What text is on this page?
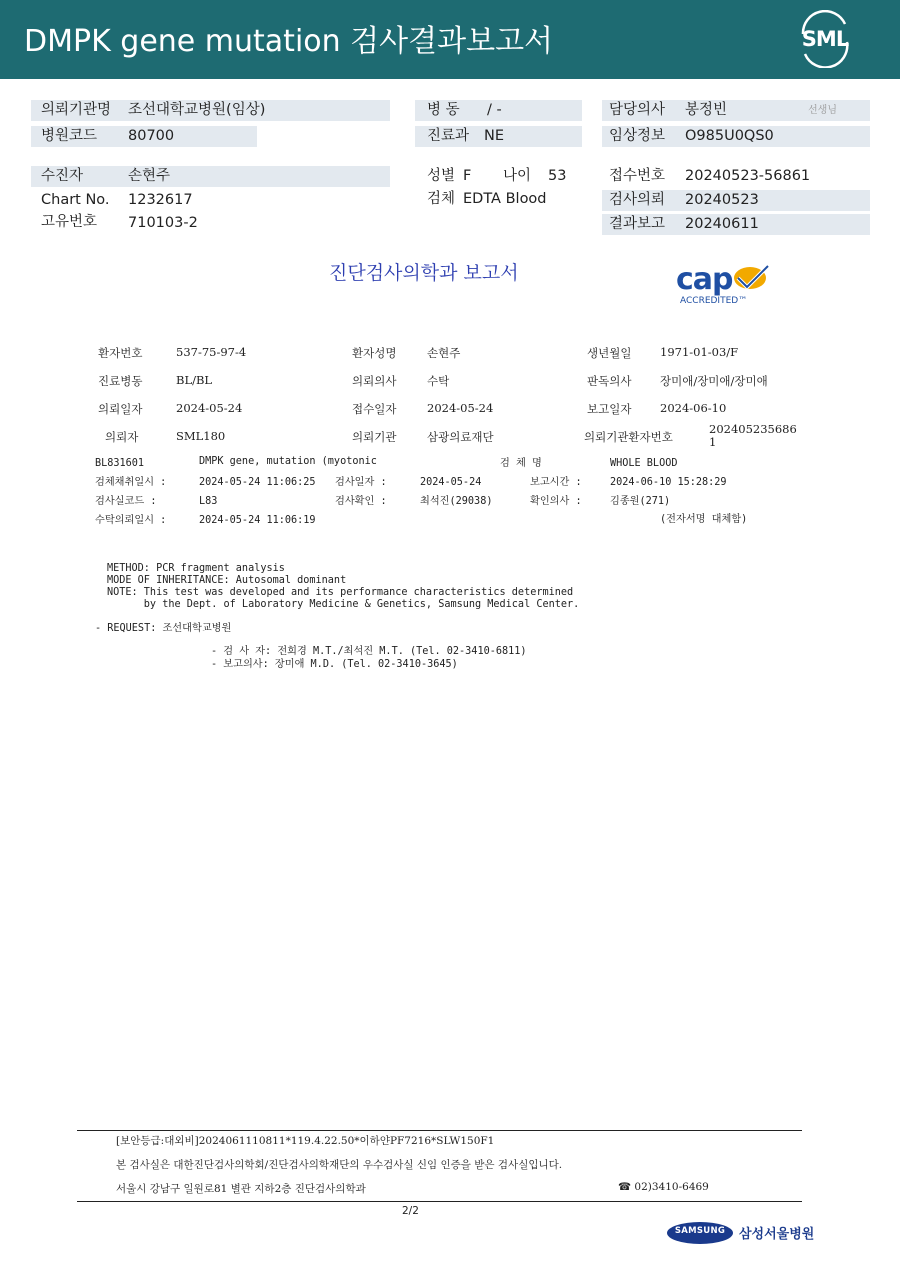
DMPK gene mutation 검사결과보고서	SML
의뢰기관명 조선대학교병원(임상)	병 동 / -	담당의사 봉정빈	선생님
병원코드 80700	진료과 NE	임상정보 O985U0QS0
수진자	손현주	성별 F 나이 53	접수번호 20240523-56861
Chart No. 1232617	검체 EDTA Blood	검사의뢰 20240523
고유번호 710103-2	결과보고 20240611
진단검사의학과 보고서	cap
ACCREDITED™
환자번호	537-75-97-4	환자성명	손현주	생년월일 1971-01-03/F
진료병동	BL/BL	의뢰의사	수탁	판독의사 장미애/장미애/장미애
의뢰일자	2024-05-24	접수일자	2024-05-24	보고일자 2024-06-10
의뢰자	SML180	의뢰기관	삼광의료재단	의뢰기관환자번호
202405235686
1
BL831601	DMPK gene, mutation (myotonic	검 체 명	WHOLE BLOOD
검체채취일시 :	2024-05-24 11:06:25 검사일자 :	2024-05-24	보고시간 :	2024-06-10 15:28:29
검사실코드 :	L83	검사확인 :	최석진(29038)	확인의사 :	김종원(271)
수탁의뢰일시 :	2024-05-24 11:06:19	(전자서명 대체함)
METHOD: PCR fragment analysis
MODE OF INHERITANCE: Autosomal dominant
NOTE: This test was developed and its performance characteristics determined
by the Dept. of Laboratory Medicine & Genetics, Samsung Medical Center.
- REQUEST: 조선대학교병원
- 검 사 자: 전희경 M.T./최석진 M.T. (Tel. 02-3410-6811)
- 보고의사: 장미애 M.D. (Tel. 02-3410-3645)
[보안등급:대외비]2024061110811*119.4.22.50*이하얀PF7216*SLW150F1
본 검사실은 대한진단검사의학회/진단검사의학재단의 우수검사실 신임 인증을 받은 검사실입니다.
서울시 강남구 일원로81 별관 지하2층 진단검사의학과	☎ 02)3410-6469
2/2
SAMSUNG	삼성서울병원
